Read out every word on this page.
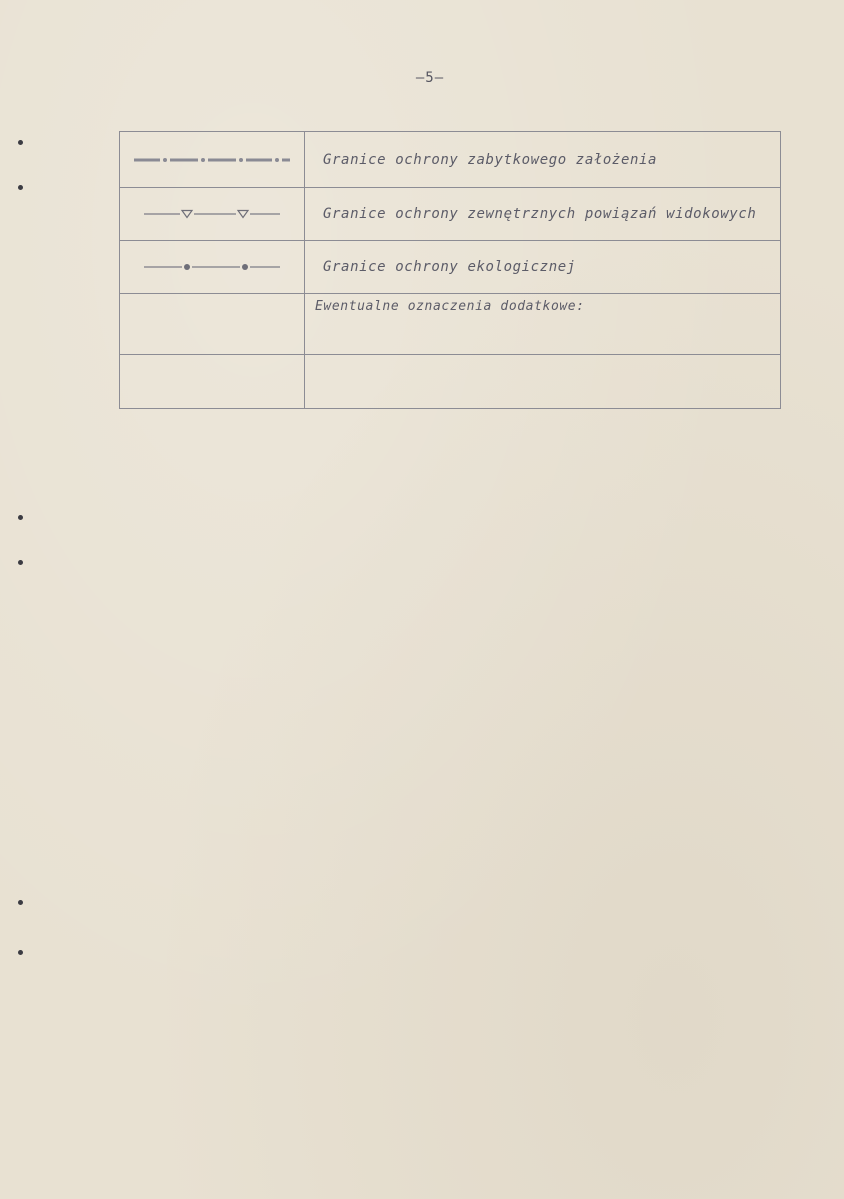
—5—
	Granice ochrony zabytkowego założenia

	Granice ochrony zewnętrznych powiązań widokowych

	Granice ochrony ekologicznej
	Ewentualne oznaczenia dodatkowe:
